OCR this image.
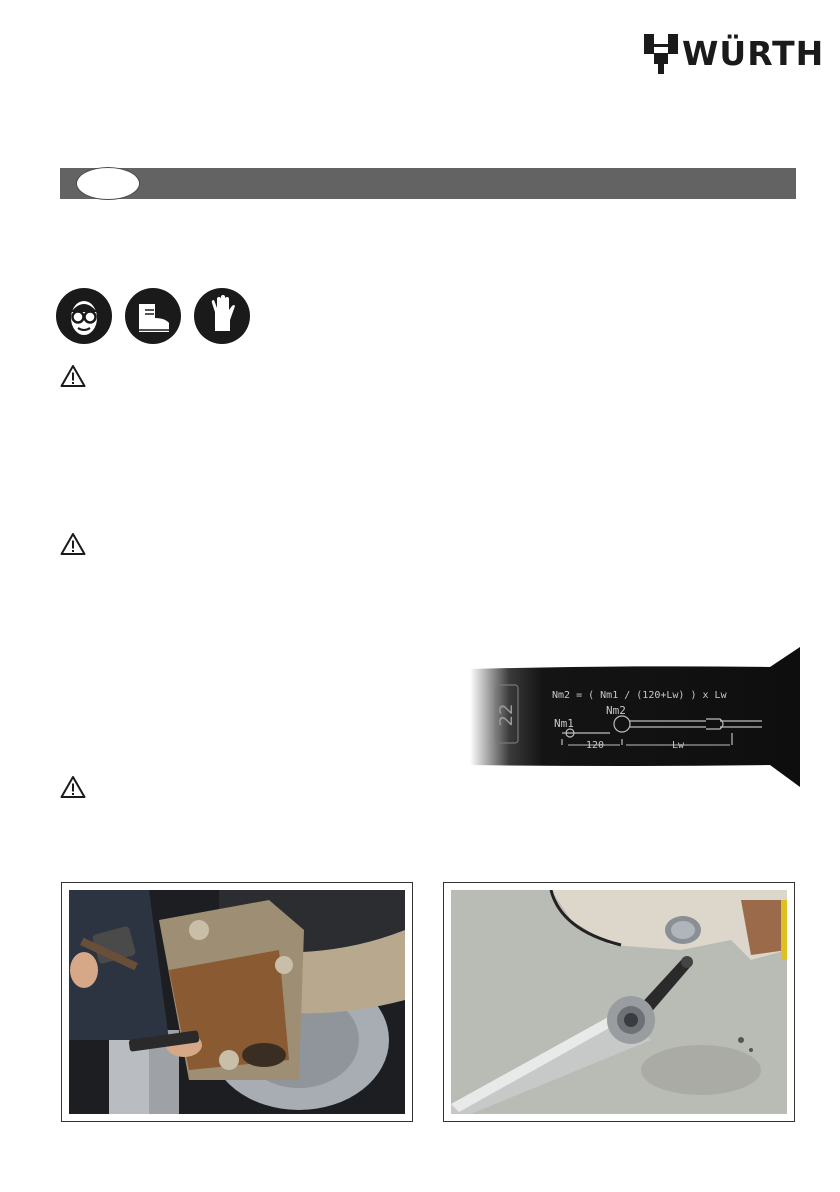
WÜRTH
22
Nm2 = ( Nm1 / (120+Lw) ) x Lw
Nm1
Nm2
120	Lw
